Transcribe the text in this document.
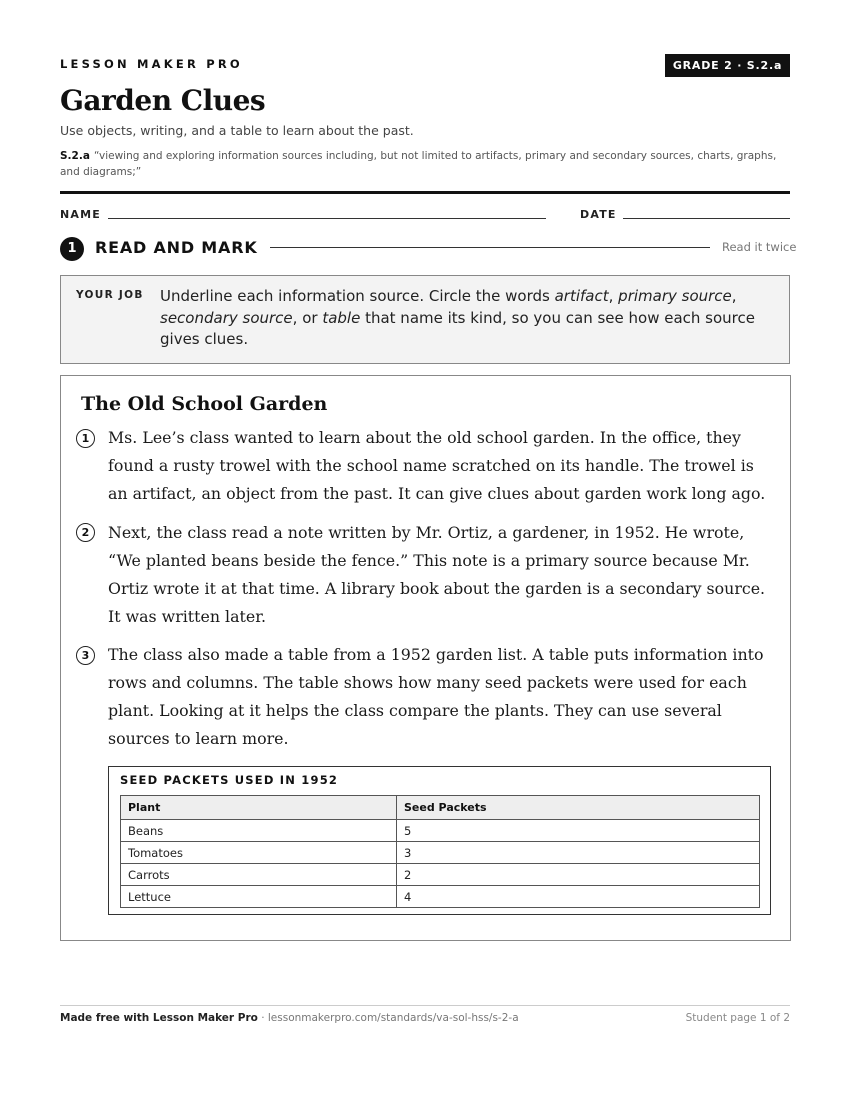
LESSON MAKER PRO	GRADE 2 · S.2.a
Garden Clues
Use objects, writing, and a table to learn about the past.
S.2.a “viewing and exploring information sources including, but not limited to artifacts, primary and secondary sources, charts, graphs, and diagrams;”
NAME	DATE
1	READ AND MARK	Read it twice
YOUR JOB Underline each information source. Circle the words artifact, primary source, secondary source, or table that name its kind, so you can see how each source gives clues.
The Old School Garden
1	Ms. Lee’s class wanted to learn about the old school garden. In the office, they found a rusty trowel with the school name scratched on its handle. The trowel is an artifact, an object from the past. It can give clues about garden work long ago.
2	Next, the class read a note written by Mr. Ortiz, a gardener, in 1952. He wrote, “We planted beans beside the fence.” This note is a primary source because Mr. Ortiz wrote it at that time. A library book about the garden is a secondary source. It was written later.
3	The class also made a table from a 1952 garden list. A table puts information into rows and columns. The table shows how many seed packets were used for each plant. Looking at it helps the class compare the plants. They can use several sources to learn more.
SEED PACKETS USED IN 1952
Plant	Seed Packets
Beans	5
Tomatoes	3
Carrots	2
Lettuce	4
Made free with Lesson Maker Pro · lessonmakerpro.com/standards/va-sol-hss/s-2-a	Student page 1 of 2
